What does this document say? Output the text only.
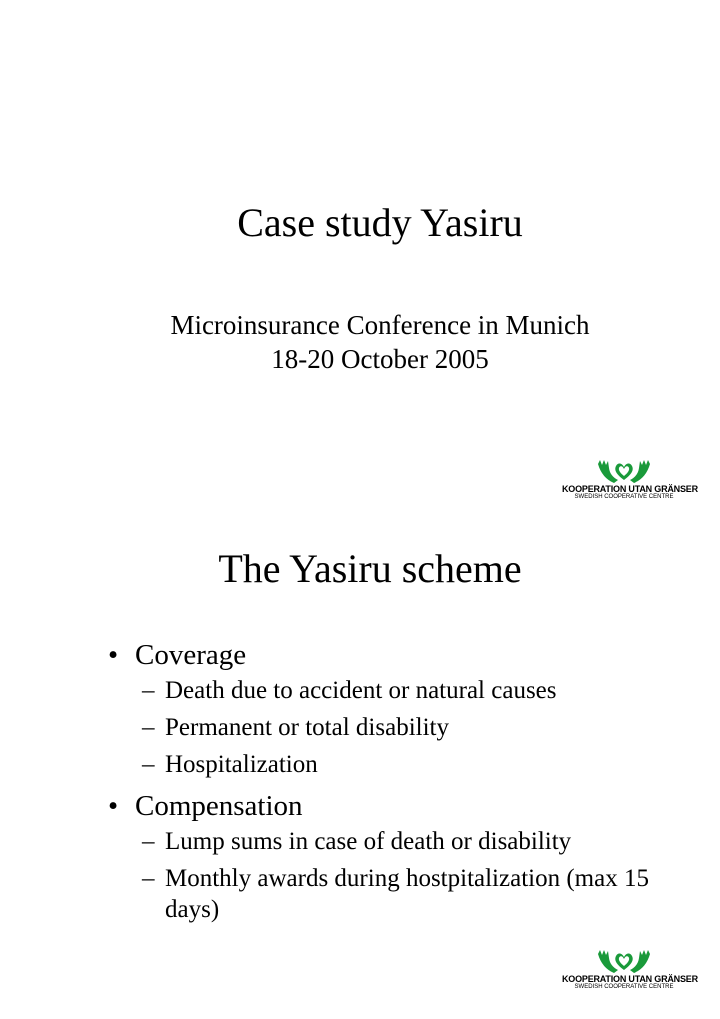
Case study Yasiru
Microinsurance Conference in Munich
18-20 October 2005
KOOPERATION UTAN GRÄNSER
SWEDISH COOPERATIVE CENTRE
The Yasiru scheme
• Coverage
– Death due to accident or natural causes
– Permanent or total disability
– Hospitalization
• Compensation
– Lump sums in case of death or disability
– Monthly awards during hostpitalization (max 15 days)
KOOPERATION UTAN GRÄNSER
SWEDISH COOPERATIVE CENTRE
